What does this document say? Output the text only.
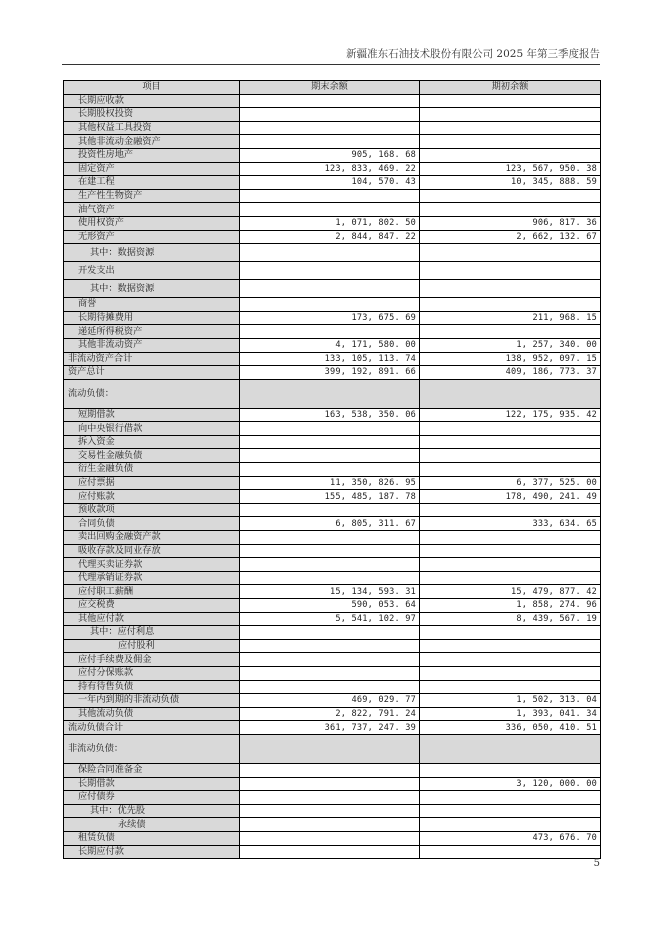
新疆准东石油技术股份有限公司 2025 年第三季度报告
项目	期末余额	期初余额
长期应收款		
长期股权投资		
其他权益工具投资		
其他非流动金融资产		
投资性房地产	905, 168. 68	
固定资产	123, 833, 469. 22	123, 567, 950. 38
在建工程	104, 570. 43	10, 345, 888. 59
生产性生物资产		
油气资产		
使用权资产	1, 071, 802. 50	906, 817. 36
无形资产	2, 844, 847. 22	2, 662, 132. 67
其中：数据资源		
开发支出		
其中：数据资源		
商誉		
长期待摊费用	173, 675. 69	211, 968. 15
递延所得税资产		
其他非流动资产	4, 171, 580. 00	1, 257, 340. 00
非流动资产合计	133, 105, 113. 74	138, 952, 097. 15
资产总计	399, 192, 891. 66	409, 186, 773. 37
流动负债：		
短期借款	163, 538, 350. 06	122, 175, 935. 42
向中央银行借款		
拆入资金		
交易性金融负债		
衍生金融负债		
应付票据	11, 350, 826. 95	6, 377, 525. 00
应付账款	155, 485, 187. 78	178, 490, 241. 49
预收款项		
合同负债	6, 805, 311. 67	333, 634. 65
卖出回购金融资产款		
吸收存款及同业存放		
代理买卖证券款		
代理承销证券款		
应付职工薪酬	15, 134, 593. 31	15, 479, 877. 42
应交税费	590, 053. 64	1, 858, 274. 96
其他应付款	5, 541, 102. 97	8, 439, 567. 19
其中：应付利息		
应付股利		
应付手续费及佣金		
应付分保账款		
持有待售负债		
一年内到期的非流动负债	469, 029. 77	1, 502, 313. 04
其他流动负债	2, 822, 791. 24	1, 393, 041. 34
流动负债合计	361, 737, 247. 39	336, 050, 410. 51
非流动负债：		
保险合同准备金		
长期借款		3, 120, 000. 00
应付债券		
其中：优先股		
永续债		
租赁负债		473, 676. 70
长期应付款		
5
